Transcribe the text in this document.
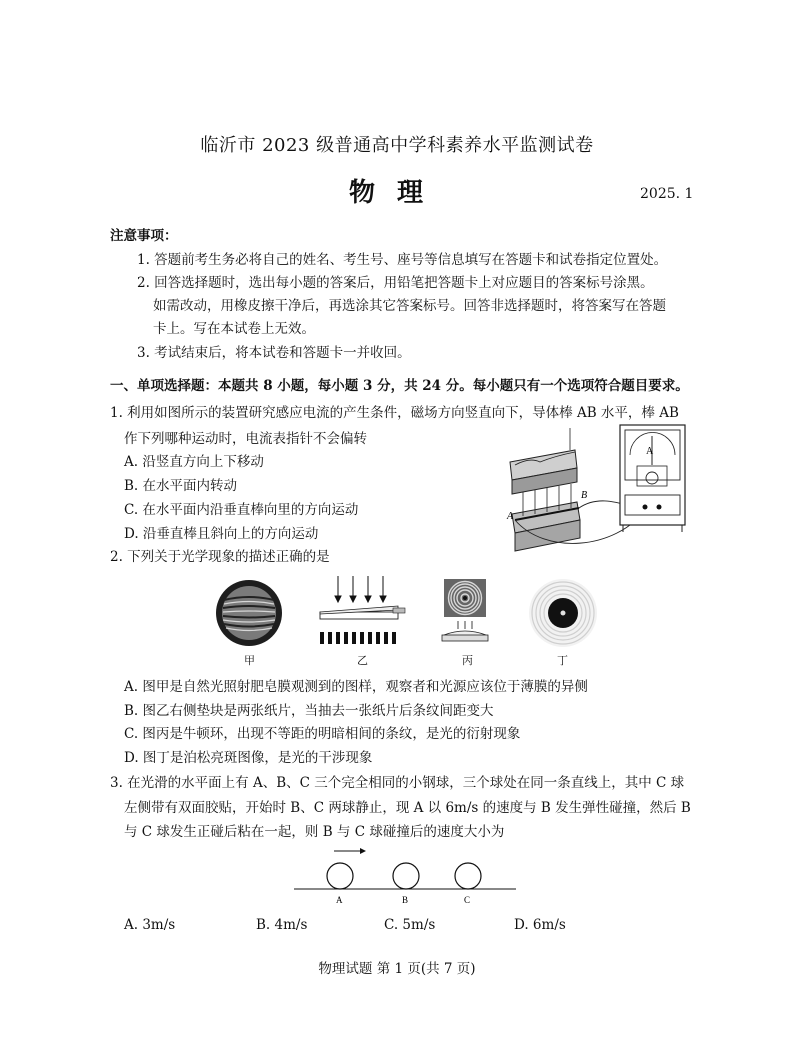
临沂市 2023 级普通高中学科素养水平监测试卷
物理	2025. 1
注意事项：
1. 答题前考生务必将自己的姓名、考生号、座号等信息填写在答题卡和试卷指定位置处。
2. 回答选择题时，选出每小题的答案后，用铅笔把答题卡上对应题目的答案标号涂黑。
如需改动，用橡皮擦干净后，再选涂其它答案标号。回答非选择题时，将答案写在答题
卡上。写在本试卷上无效。
3. 考试结束后，将本试卷和答题卡一并收回。
一、单项选择题：本题共 8 小题，每小题 3 分，共 24 分。每小题只有一个选项符合题目要求。
1. 利用如图所示的装置研究感应电流的产生条件，磁场方向竖直向下，导体棒 AB 水平，棒 AB
作下列哪种运动时，电流表指针不会偏转
A. 沿竖直方向上下移动
B. 在水平面内转动
C. 在水平面内沿垂直棒向里的方向运动
D. 沿垂直棒且斜向上的方向运动
A
B
A
2. 下列关于光学现象的描述正确的是
甲	乙	丙	丁
A. 图甲是自然光照射肥皂膜观测到的图样，观察者和光源应该位于薄膜的异侧
B. 图乙右侧垫块是两张纸片，当抽去一张纸片后条纹间距变大
C. 图丙是牛顿环，出现不等距的明暗相间的条纹，是光的衍射现象
D. 图丁是泊松亮斑图像，是光的干涉现象
3. 在光滑的水平面上有 A、B、C 三个完全相同的小钢球，三个球处在同一条直线上，其中 C 球
左侧带有双面胶贴，开始时 B、C 两球静止，现 A 以 6m/s 的速度与 B 发生弹性碰撞，然后 B
与 C 球发生正碰后粘在一起，则 B 与 C 球碰撞后的速度大小为
A	B	C
A. 3m/s	B. 4m/s	C. 5m/s	D. 6m/s
物理试题 第 1 页(共 7 页)
